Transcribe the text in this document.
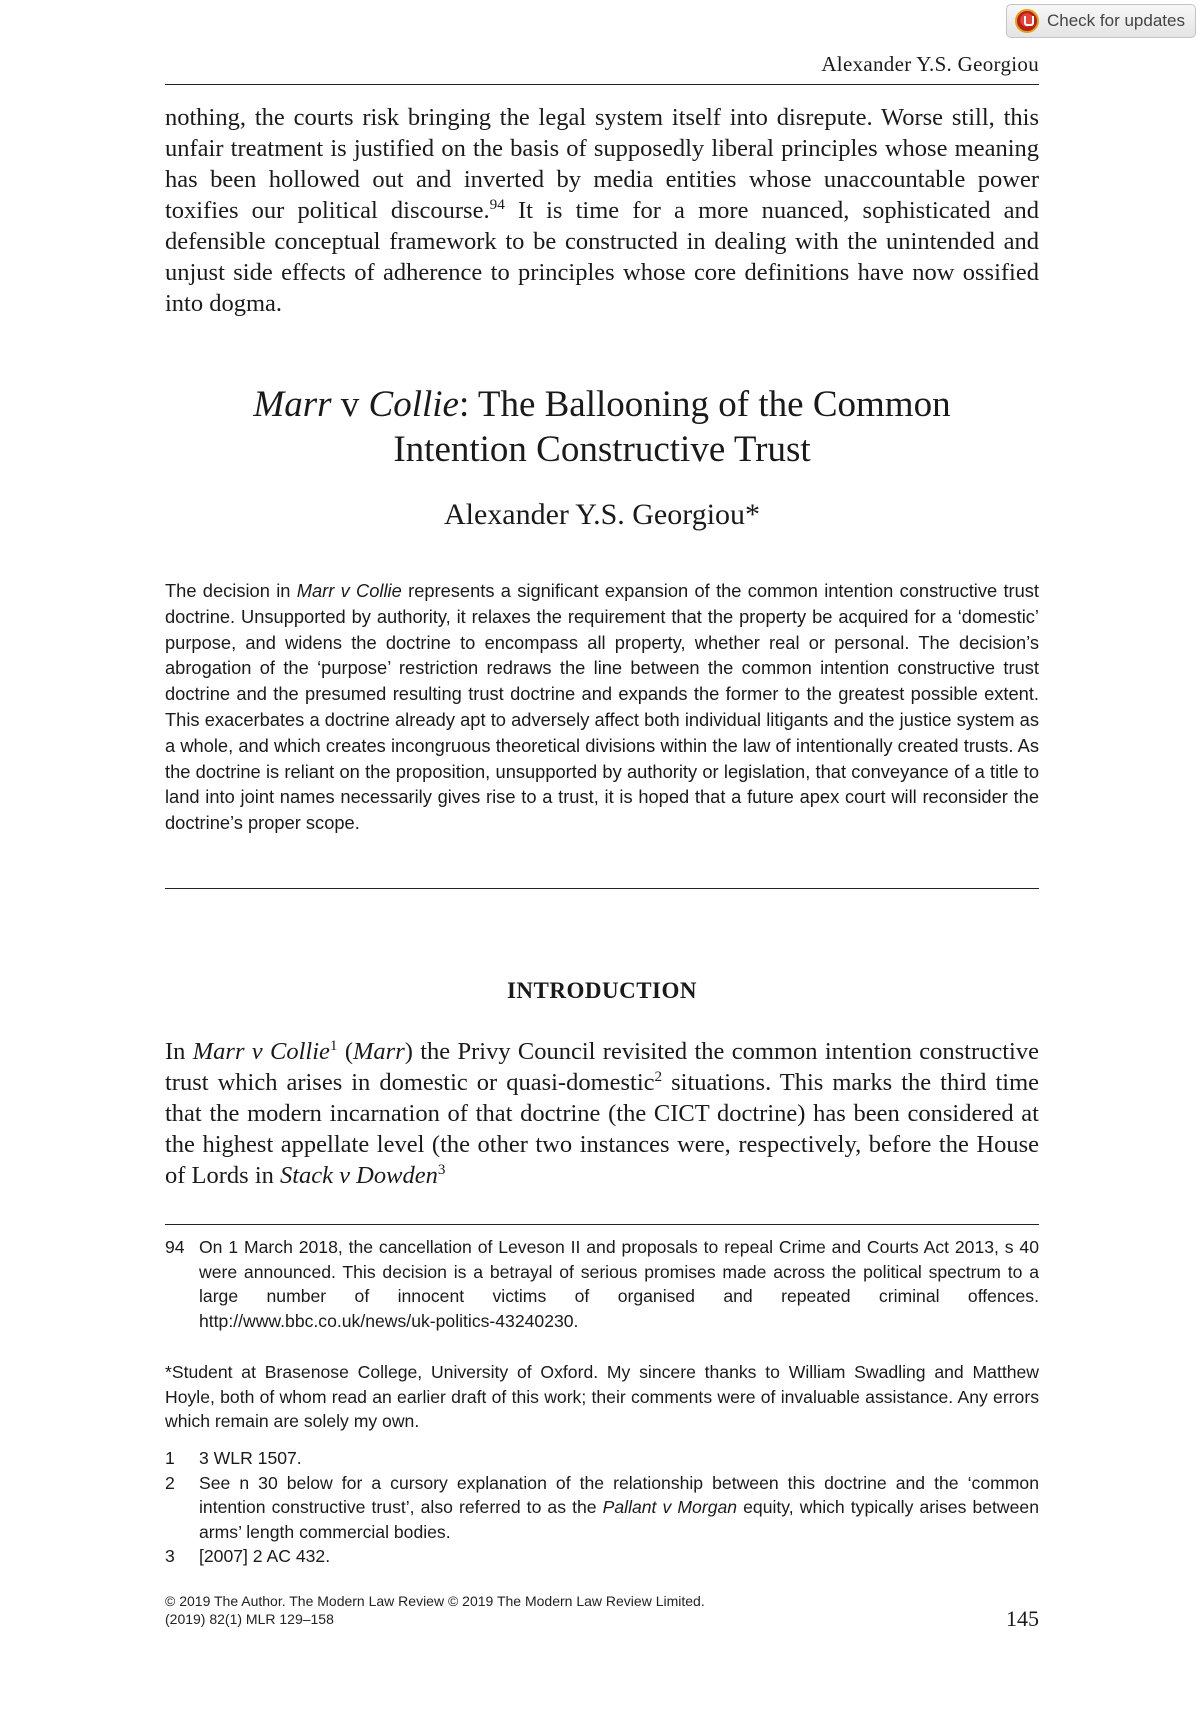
Check for updates
Alexander Y.S. Georgiou

nothing, the courts risk bringing the legal system itself into disrepute. Worse still, this unfair treatment is justified on the basis of supposedly liberal principles whose meaning has been hollowed out and inverted by media entities whose unaccountable power toxifies our political discourse.$^{94}$ It is time for a more nuanced, sophisticated and defensible conceptual framework to be constructed in dealing with the unintended and unjust side effects of adherence to principles whose core definitions have now ossified into dogma.

Marr v Collie: The Ballooning of the Common
Intention Constructive Trust
Alexander Y.S. Georgiou*

The decision in Marr v Collie represents a significant expansion of the common intention constructive trust doctrine. Unsupported by authority, it relaxes the requirement that the property be acquired for a ‘domestic’ purpose, and widens the doctrine to encompass all property, whether real or personal. The decision’s abrogation of the ‘purpose’ restriction redraws the line between the common intention constructive trust doctrine and the presumed resulting trust doctrine and expands the former to the greatest possible extent. This exacerbates a doctrine already apt to adversely affect both individual litigants and the justice system as a whole, and which creates incongruous theoretical divisions within the law of intentionally created trusts. As the doctrine is reliant on the proposition, unsupported by authority or legislation, that conveyance of a title to land into joint names necessarily gives rise to a trust, it is hoped that a future apex court will reconsider the doctrine’s proper scope.

INTRODUCTION

In Marr v Collie$^1$ (Marr) the Privy Council revisited the common intention constructive trust which arises in domestic or quasi-domestic$^2$ situations. This marks the third time that the modern incarnation of that doctrine (the CICT doctrine) has been considered at the highest appellate level (the other two instances were, respectively, before the House of Lords in Stack v Dowden$^3$

94 On 1 March 2018, the cancellation of Leveson II and proposals to repeal Crime and Courts Act 2013, s 40 were announced. This decision is a betrayal of serious promises made across the political spectrum to a large number of innocent victims of organised and repeated criminal offences. http://www.bbc.co.uk/news/uk-politics-43240230.
*Student at Brasenose College, University of Oxford. My sincere thanks to William Swadling and Matthew Hoyle, both of whom read an earlier draft of this work; their comments were of invaluable assistance. Any errors which remain are solely my own.
1	3 WLR 1507.
2	See n 30 below for a cursory explanation of the relationship between this doctrine and the ‘common intention constructive trust’, also referred to as the Pallant v Morgan equity, which typically arises between arms’ length commercial bodies.
3	[2007] 2 AC 432.
© 2019 The Author. The Modern Law Review © 2019 The Modern Law Review Limited.
(2019) 82(1) MLR 129–158	145
